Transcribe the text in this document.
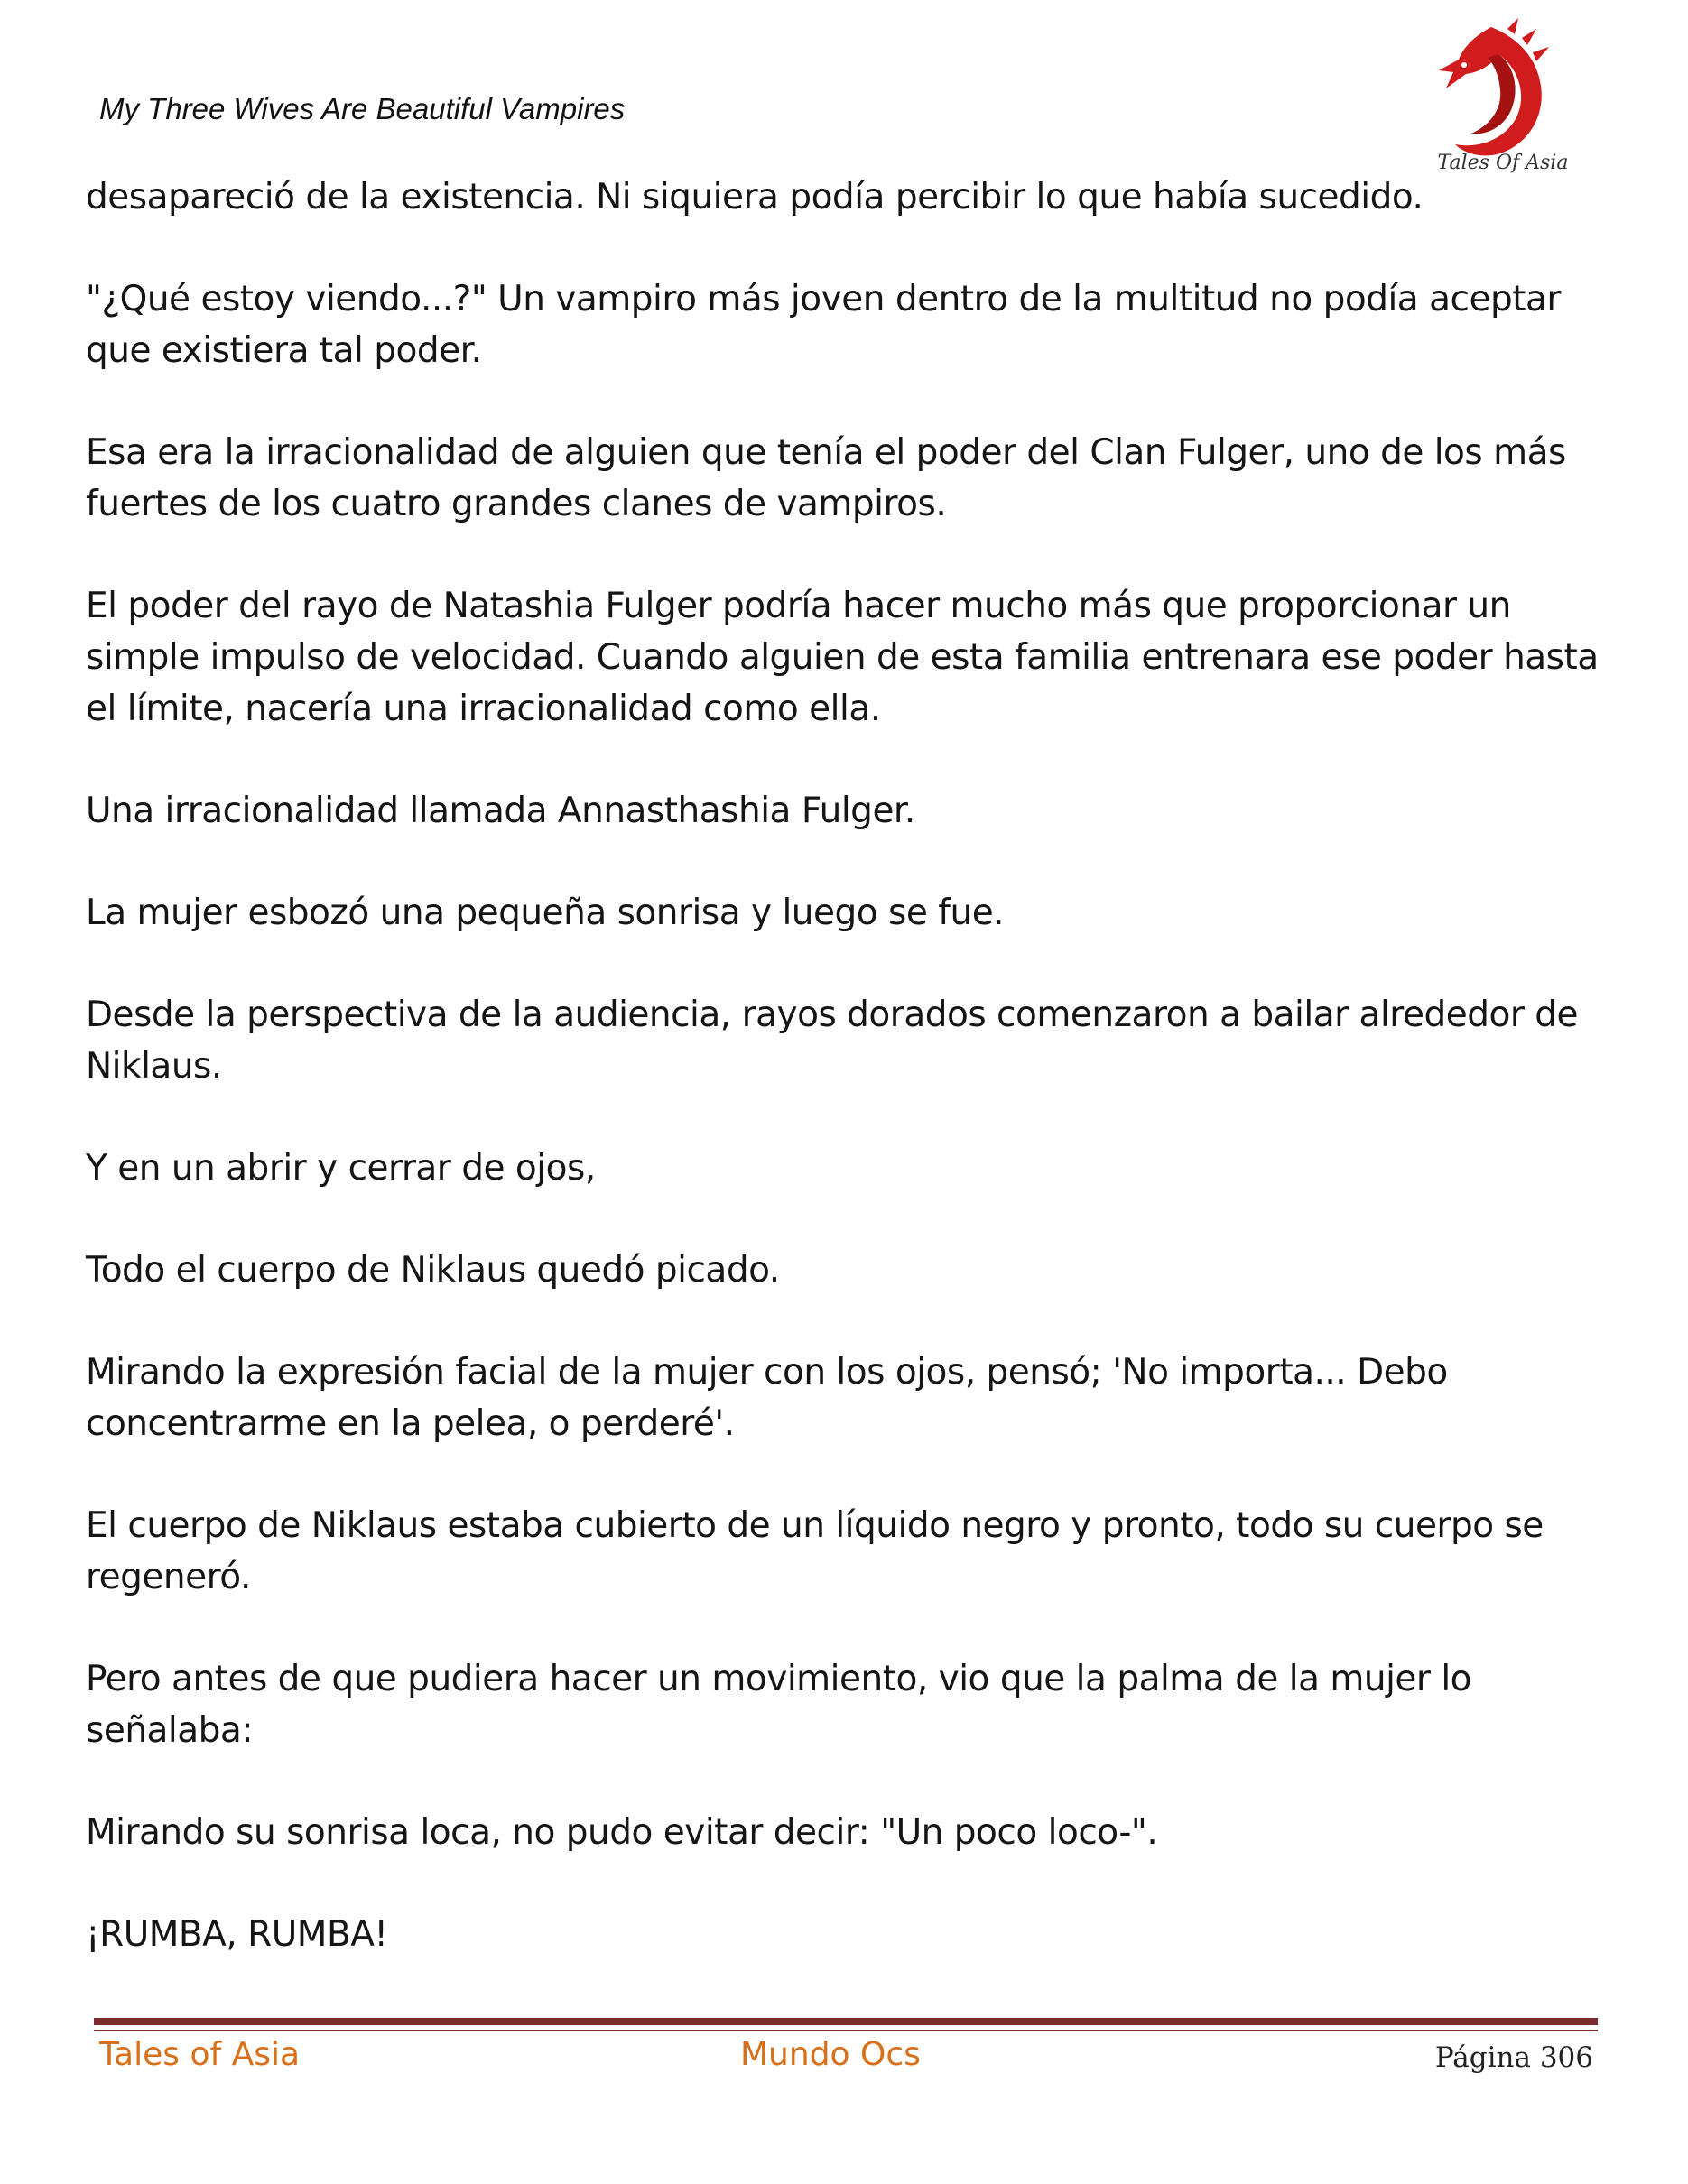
My Three Wives Are Beautiful Vampires
Tales Of Asia

desapareció de la existencia. Ni siquiera podía percibir lo que había sucedido.

"¿Qué estoy viendo...?" Un vampiro más joven dentro de la multitud no podía aceptar que existiera tal poder.

Esa era la irracionalidad de alguien que tenía el poder del Clan Fulger, uno de los más fuertes de los cuatro grandes clanes de vampiros.

El poder del rayo de Natashia Fulger podría hacer mucho más que proporcionar un simple impulso de velocidad. Cuando alguien de esta familia entrenara ese poder hasta el límite, nacería una irracionalidad como ella.

Una irracionalidad llamada Annasthashia Fulger.

La mujer esbozó una pequeña sonrisa y luego se fue.

Desde la perspectiva de la audiencia, rayos dorados comenzaron a bailar alrededor de Niklaus.

Y en un abrir y cerrar de ojos,

Todo el cuerpo de Niklaus quedó picado.

Mirando la expresión facial de la mujer con los ojos, pensó; 'No importa... Debo concentrarme en la pelea, o perderé'.

El cuerpo de Niklaus estaba cubierto de un líquido negro y pronto, todo su cuerpo se regeneró.

Pero antes de que pudiera hacer un movimiento, vio que la palma de la mujer lo señalaba:

Mirando su sonrisa loca, no pudo evitar decir: "Un poco loco-".

¡RUMBA, RUMBA!

Tales of Asia	Mundo Ocs	Página 306
